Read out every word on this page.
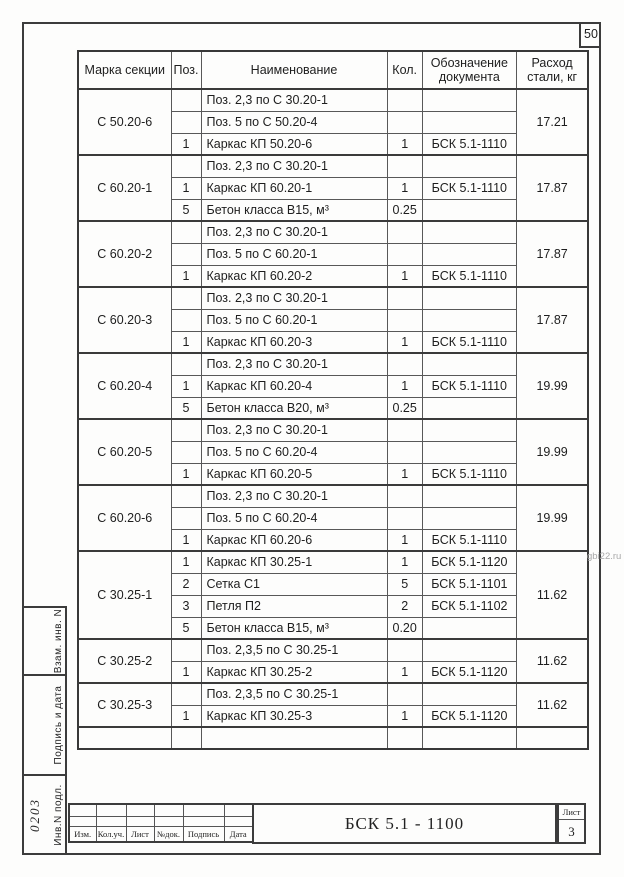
50
Марка секции	Поз.	Наименование	Кол.	Обозначение документа	Расход стали, кг
С 50.20-6		Поз. 2,3 по С 30.20-1			17.21
		Поз. 5 по С 50.20-4			
	1	Каркас КП 50.20-6	1	БСК 5.1-1110	
С 60.20-1		Поз. 2,3 по С 30.20-1			17.87
	1	Каркас КП 60.20-1	1	БСК 5.1-1110	
	5	Бетон класса В15, м³	0.25		
С 60.20-2		Поз. 2,3 по С 30.20-1			17.87
		Поз. 5 по С 60.20-1			
	1	Каркас КП 60.20-2	1	БСК 5.1-1110	
С 60.20-3		Поз. 2,3 по С 30.20-1			17.87
		Поз. 5 по С 60.20-1			
	1	Каркас КП 60.20-3	1	БСК 5.1-1110	
С 60.20-4		Поз. 2,3 по С 30.20-1			19.99
	1	Каркас КП 60.20-4	1	БСК 5.1-1110	
	5	Бетон класса В20, м³	0.25		
С 60.20-5		Поз. 2,3 по С 30.20-1			19.99
		Поз. 5 по С 60.20-4			
	1	Каркас КП 60.20-5	1	БСК 5.1-1110	
С 60.20-6		Поз. 2,3 по С 30.20-1			19.99
		Поз. 5 по С 60.20-4			
	1	Каркас КП 60.20-6	1	БСК 5.1-1110	
С 30.25-1	1	Каркас КП 30.25-1	1	БСК 5.1-1120	11.62
	2	Сетка С1	5	БСК 5.1-1101	
	3	Петля П2	2	БСК 5.1-1102	
	5	Бетон класса В15, м³	0.20		
С 30.25-2		Поз. 2,3,5 по С 30.25-1			11.62
	1	Каркас КП 30.25-2	1	БСК 5.1-1120	
С 30.25-3		Поз. 2,3,5 по С 30.25-1			11.62
	1	Каркас КП 30.25-3	1	БСК 5.1-1120	

Взам. инв. N
Подпись и дата
Инв.N подл.
0203

Изм.	Кол.уч.	Лист	№док.	Подпись	Дата
БСК 5.1 - 1100
Лист
3
gbi22.ru
